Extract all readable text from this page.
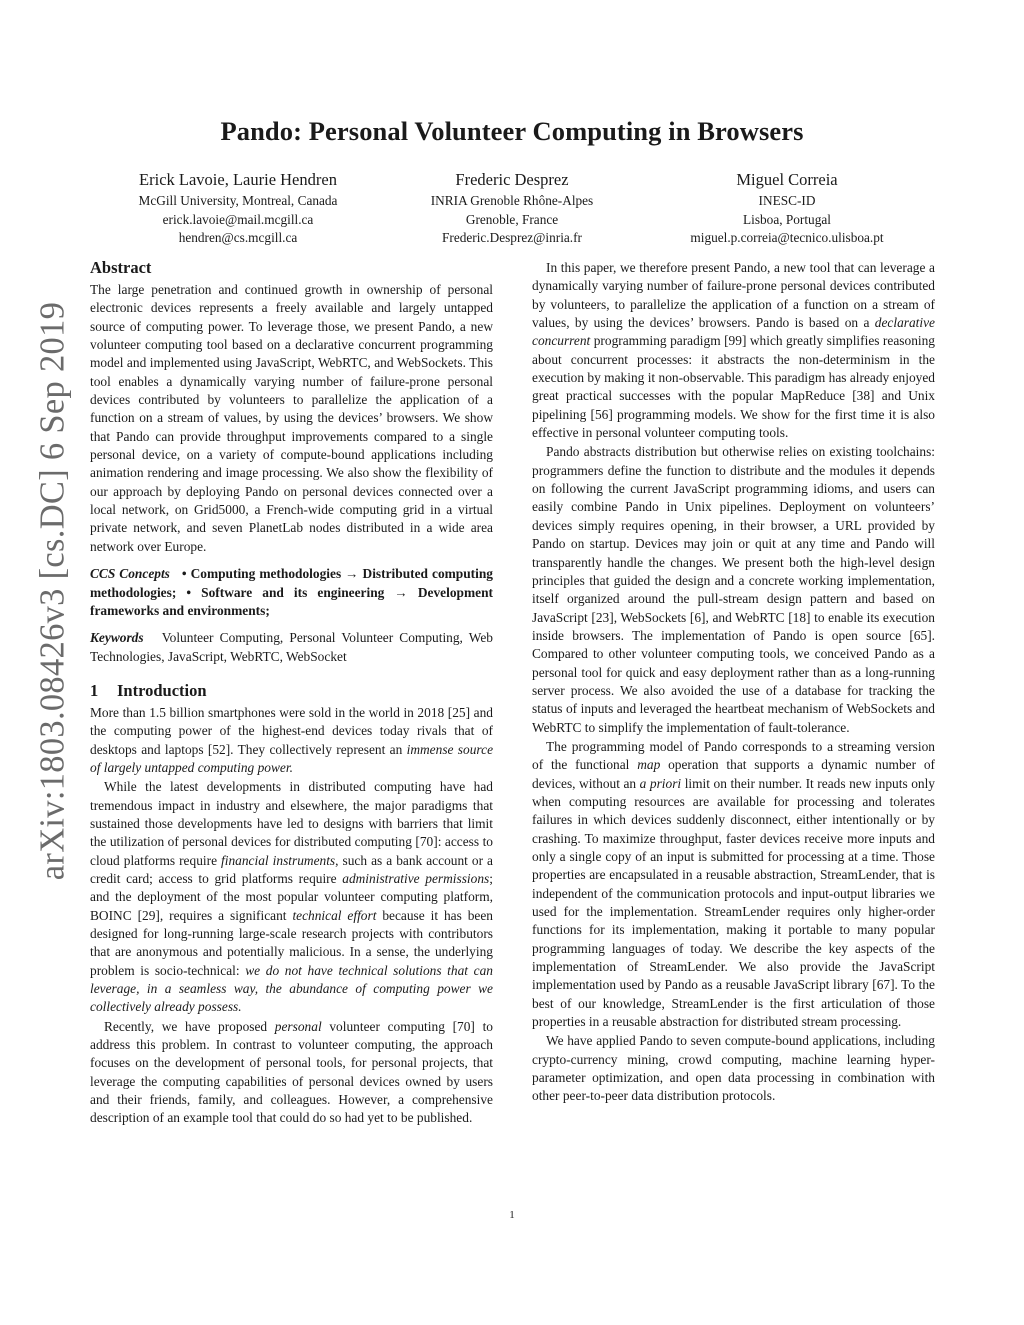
arXiv:1803.08426v3 [cs.DC] 6 Sep 2019
Pando: Personal Volunteer Computing in Browsers
Erick Lavoie, Laurie Hendren
McGill University, Montreal, Canada
erick.lavoie@mail.mcgill.ca
hendren@cs.mcgill.ca
Frederic Desprez
INRIA Grenoble Rhône-Alpes
Grenoble, France
Frederic.Desprez@inria.fr
Miguel Correia
INESC-ID
Lisboa, Portugal
miguel.p.correia@tecnico.ulisboa.pt
Abstract

The large penetration and continued growth in ownership of personal electronic devices represents a freely available and largely untapped source of computing power. To leverage those, we present Pando, a new volunteer computing tool based on a declarative concurrent programming model and implemented using JavaScript, WebRTC, and WebSockets. This tool enables a dynamically varying number of failure-prone personal devices contributed by volunteers to parallelize the application of a function on a stream of values, by using the devices’ browsers. We show that Pando can provide throughput improvements compared to a single personal device, on a variety of compute-bound applications including animation rendering and image processing. We also show the flexibility of our approach by deploying Pando on personal devices connected over a local network, on Grid5000, a French-wide computing grid in a virtual private network, and seven PlanetLab nodes distributed in a wide area network over Europe.

CCS Concepts • Computing methodologies → Distributed computing methodologies; • Software and its engineering → Development frameworks and environments;

Keywords Volunteer Computing, Personal Volunteer Computing, Web Technologies, JavaScript, WebRTC, WebSocket

1 Introduction

More than 1.5 billion smartphones were sold in the world in 2018 [25] and the computing power of the highest-end devices today rivals that of desktops and laptops [52]. They collectively represent an immense source of largely untapped computing power.

While the latest developments in distributed computing have had tremendous impact in industry and elsewhere, the major paradigms that sustained those developments have led to designs with barriers that limit the utilization of personal devices for distributed computing [70]: access to cloud platforms require financial instruments, such as a bank account or a credit card; access to grid platforms require administrative permissions; and the deployment of the most popular volunteer computing platform, BOINC [29], requires a significant technical effort because it has been designed for long-running large-scale research projects with contributors that are anonymous and potentially malicious. In a sense, the underlying problem is socio-technical: we do not have technical solutions that can leverage, in a seamless way, the abundance of computing power we collectively already possess.

Recently, we have proposed personal volunteer computing [70] to address this problem. In contrast to volunteer computing, the approach focuses on the development of personal tools, for personal projects, that leverage the computing capabilities of personal devices owned by users and their friends, family, and colleagues. However, a comprehensive description of an example tool that could do so had yet to be published.

In this paper, we therefore present Pando, a new tool that can leverage a dynamically varying number of failure-prone personal devices contributed by volunteers, to parallelize the application of a function on a stream of values, by using the devices’ browsers. Pando is based on a declarative concurrent programming paradigm [99] which greatly simplifies reasoning about concurrent processes: it abstracts the non-determinism in the execution by making it non-observable. This paradigm has already enjoyed great practical successes with the popular MapReduce [38] and Unix pipelining [56] programming models. We show for the first time it is also effective in personal volunteer computing tools.

Pando abstracts distribution but otherwise relies on existing toolchains: programmers define the function to distribute and the modules it depends on following the current JavaScript programming idioms, and users can easily combine Pando in Unix pipelines. Deployment on volunteers’ devices simply requires opening, in their browser, a URL provided by Pando on startup. Devices may join or quit at any time and Pando will transparently handle the changes. We present both the high-level design principles that guided the design and a concrete working implementation, itself organized around the pull-stream design pattern and based on JavaScript [23], WebSockets [6], and WebRTC [18] to enable its execution inside browsers. The implementation of Pando is open source [65]. Compared to other volunteer computing tools, we conceived Pando as a personal tool for quick and easy deployment rather than as a long-running server process. We also avoided the use of a database for tracking the status of inputs and leveraged the heartbeat mechanism of WebSockets and WebRTC to simplify the implementation of fault-tolerance.

The programming model of Pando corresponds to a streaming version of the functional map operation that supports a dynamic number of devices, without an a priori limit on their number. It reads new inputs only when computing resources are available for processing and tolerates failures in which devices suddenly disconnect, either intentionally or by crashing. To maximize throughput, faster devices receive more inputs and only a single copy of an input is submitted for processing at a time. Those properties are encapsulated in a reusable abstraction, StreamLender, that is independent of the communication protocols and input-output libraries we used for the implementation. StreamLender requires only higher-order functions for its implementation, making it portable to many popular programming languages of today. We describe the key aspects of the implementation of StreamLender. We also provide the JavaScript implementation used by Pando as a reusable JavaScript library [67]. To the best of our knowledge, StreamLender is the first articulation of those properties in a reusable abstraction for distributed stream processing.

We have applied Pando to seven compute-bound applications, including crypto-currency mining, crowd computing, machine learning hyper-parameter optimization, and open data processing in combination with other peer-to-peer data distribution protocols.

1
